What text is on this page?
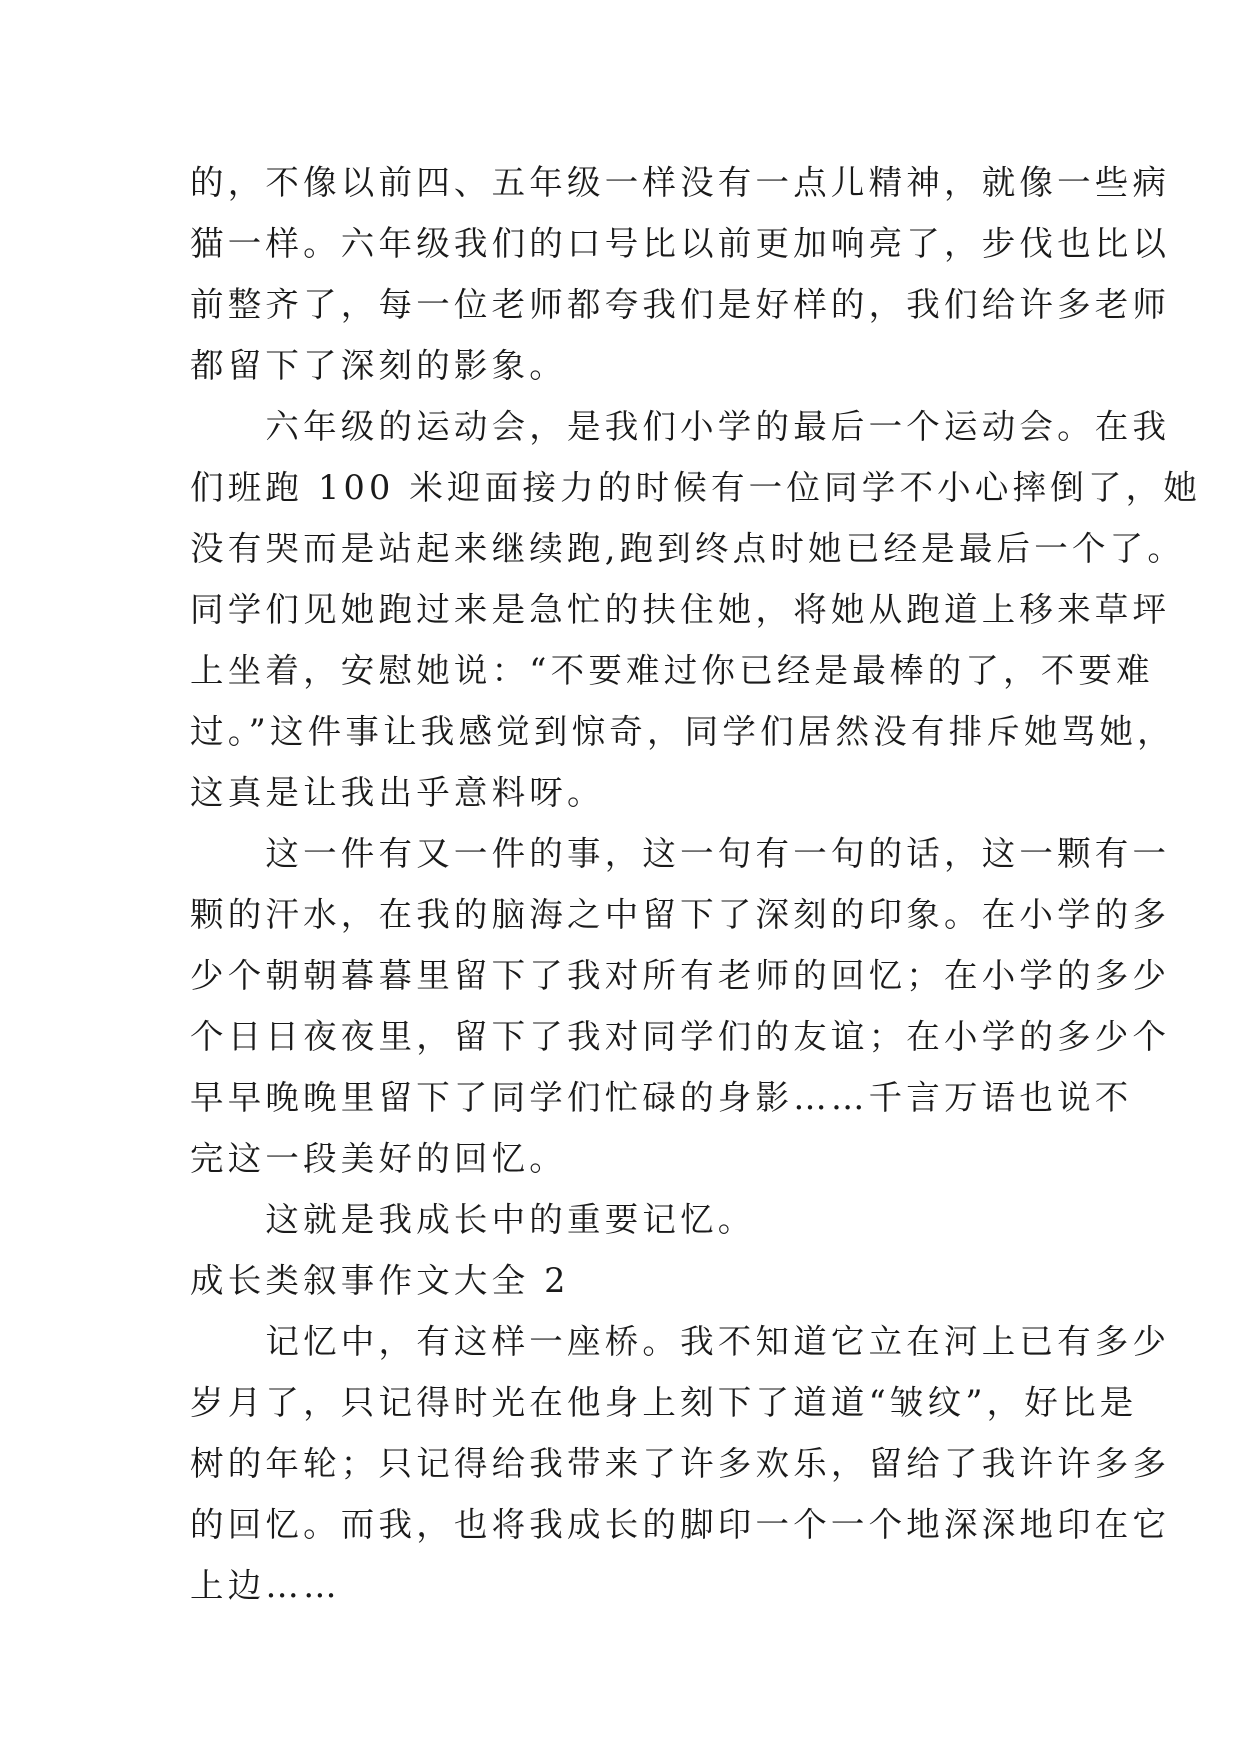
的，不像以前四、五年级一样没有一点儿精神，就像一些病
猫一样。六年级我们的口号比以前更加响亮了，步伐也比以
前整齐了，每一位老师都夸我们是好样的，我们给许多老师
都留下了深刻的影象。
　　六年级的运动会，是我们小学的最后一个运动会。在我
们班跑 100 米迎面接力的时候有一位同学不小心摔倒了，她
没有哭而是站起来继续跑,跑到终点时她已经是最后一个了。
同学们见她跑过来是急忙的扶住她，将她从跑道上移来草坪
上坐着，安慰她说：“不要难过你已经是最棒的了，不要难
过。”这件事让我感觉到惊奇，同学们居然没有排斥她骂她，
这真是让我出乎意料呀。
　　这一件有又一件的事，这一句有一句的话，这一颗有一
颗的汗水，在我的脑海之中留下了深刻的印象。在小学的多
少个朝朝暮暮里留下了我对所有老师的回忆；在小学的多少
个日日夜夜里，留下了我对同学们的友谊；在小学的多少个
早早晚晚里留下了同学们忙碌的身影……千言万语也说不
完这一段美好的回忆。
　　这就是我成长中的重要记忆。
成长类叙事作文大全 2
　　记忆中，有这样一座桥。我不知道它立在河上已有多少
岁月了，只记得时光在他身上刻下了道道“皱纹”，好比是
树的年轮；只记得给我带来了许多欢乐，留给了我许许多多
的回忆。而我，也将我成长的脚印一个一个地深深地印在它
上边……
